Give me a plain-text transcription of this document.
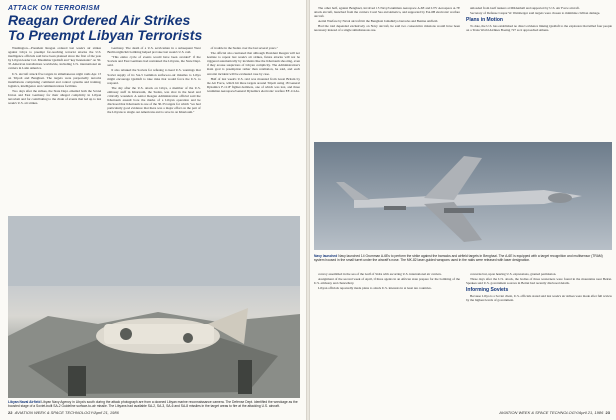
ATTACK ON TERRORISM
Reagan Ordered Air Strikes
To Preempt Libyan Terrorists

Washington—President Reagan ordered last week's air strikes against Libya to preempt far-reaching terrorist attacks the U.S. intelligence officials said have been planned since the first of the year by Libyan leader Col. Muammar Qaddafi and "key lieutenants" on 30-35 American installations worldwide, including U.S. international air carriers in Latin America.

U.S. aircraft struck five targets in simultaneous night raids Apr. 15 on Tripoli and Benghazi. The targets were purportedly terrorist installations comprising command and control systems and training, logistics, intelligence and communications facilities.

Two days after the strikes, the State Dept. emailed both the Soviet Union and East Germany for their alleged complicity in Libyan terrorism and for contributing to the chain of events that led up to last week's U.S. air strikes.

Germany. The death of a U.S. serviceman in a subsequent West Berlin nightclub bombing helped provoke last week's U.S. raid.

"This entire cycle of events would have been avoided" if the Soviets and East Germans had restrained the Libyans, the State Dept. said.

It also rebuked the Soviets for refusing to heed U.S. warnings that Soviet supply of its SA-5 Gammon surface-to-air missiles to Libya might encourage Qaddafi to take risks that would force the U.S. to respond.

The day after the U.S. attack on Libya, a member of the U.S. embassy staff in Khartoum, the Sudan, was shot in the head and critically wounded. A senior Reagan Administration official said the Khartoum assault bore the marks of a Libyan operation and he disclosed that Khartoum is one of the 30-35 targets for which "we had particularly good evidence that there was a major effort on the part of the Libyans to single out Americans and to save in on Khartoum."

of trouble in the Sudan over the last several years."

The official also cautioned that although President Reagan will not hesitate to repeat last week's air strikes, future attacks will not be triggered automatically by incidents like the Khartoum shooting, even if they arouse suspicions of Libyan complicity. The Administration's main goal is preemption rather than retaliation, he said, and each terrorist incident will be evaluated case by case.

Half of last week's U.S. raid was mounted from Great Britain by the Air Force, which hit three targets around Tripoli using 18 General Dynamics F-111F fighter-bombers, one of which was lost, and three Grumman Aerospace/General Dynamics electronic warfare EF-111As.

Libyan Naval Airfield Libyan Navy Agency in Libya's south during the attack photograph are from a downed Libyan marine reconnaissance camera. The Defense Dept. identified the wreckage as the boosted stage of a Soviet-built SA-2 Guideline surface-to-air missile. The Libyans had available SA-2, SA-3, SA-6 and SA-8 missiles in the target areas to fire at the attacking U.S. aircraft.
22 AVIATION WEEK & SPACE TECHNOLOGY/April 21, 1986
Navy launched Navy launched 14 Grumman A-6Es to perform the strike against the barracks and airfield targets in Benghazi. The A-6E is equipped with a target recognition and multisensor (TRAM) system housed in the small turret under the aircraft's nose. The MK-82 laser-guided weapons used in the raids were released with laser designation.

The other half, against Benghazi, involved 15 Navy/Grumman Aerospace A-6E and LTV Aerospace A-7E attack aircraft, launched from the carriers Coral Sea and America, and supported by EA-6B electronic warfare aircraft.

Aerial Warfare by Naval aircraft hit the Benghazi Jamahiriya barracks and Benina Airfield.

Had the raid depended exclusively on Navy aircraft, he said two consecutive missions would have been necessary instead of a single simultaneous one.

unloaded from Gulf tankers at Mildenhall and supported by U.S. Air Force aircraft.

Secretary of Defense Caspar W. Weinberger said targets were chosen to minimize civilian damage.

Plans in Motion

To date, the U.S. has established no direct evidence linking Qaddafi to the explosion that killed four people on a Trans World Airlines Boeing 727 as it approached Athens.

convoy assembled in the sea of the Gulf of Sidra with escorting U.S. international air carriers.

Assignment of the second week of April, if three agents in an African state prepare for the bombing of the U.S. embassy and chancellery.

Libyan officials reportedly made plans to attack U.S. interests in at least ten countries.

concerns but, upon hearing U.S. expressions, granted permission.

Three days after the U.S. attack, the bodies of three westerners were found in the mountains near Beirut. Speakes said U.S. government sources in Beirut had recently disclosed details.

Informing Soviets

Because Libya is a Soviet client, U.S. officials stated said last week's air strikes were made after full review by the highest levels of government.

AVIATION WEEK & SPACE TECHNOLOGY/April 21, 1986 23
